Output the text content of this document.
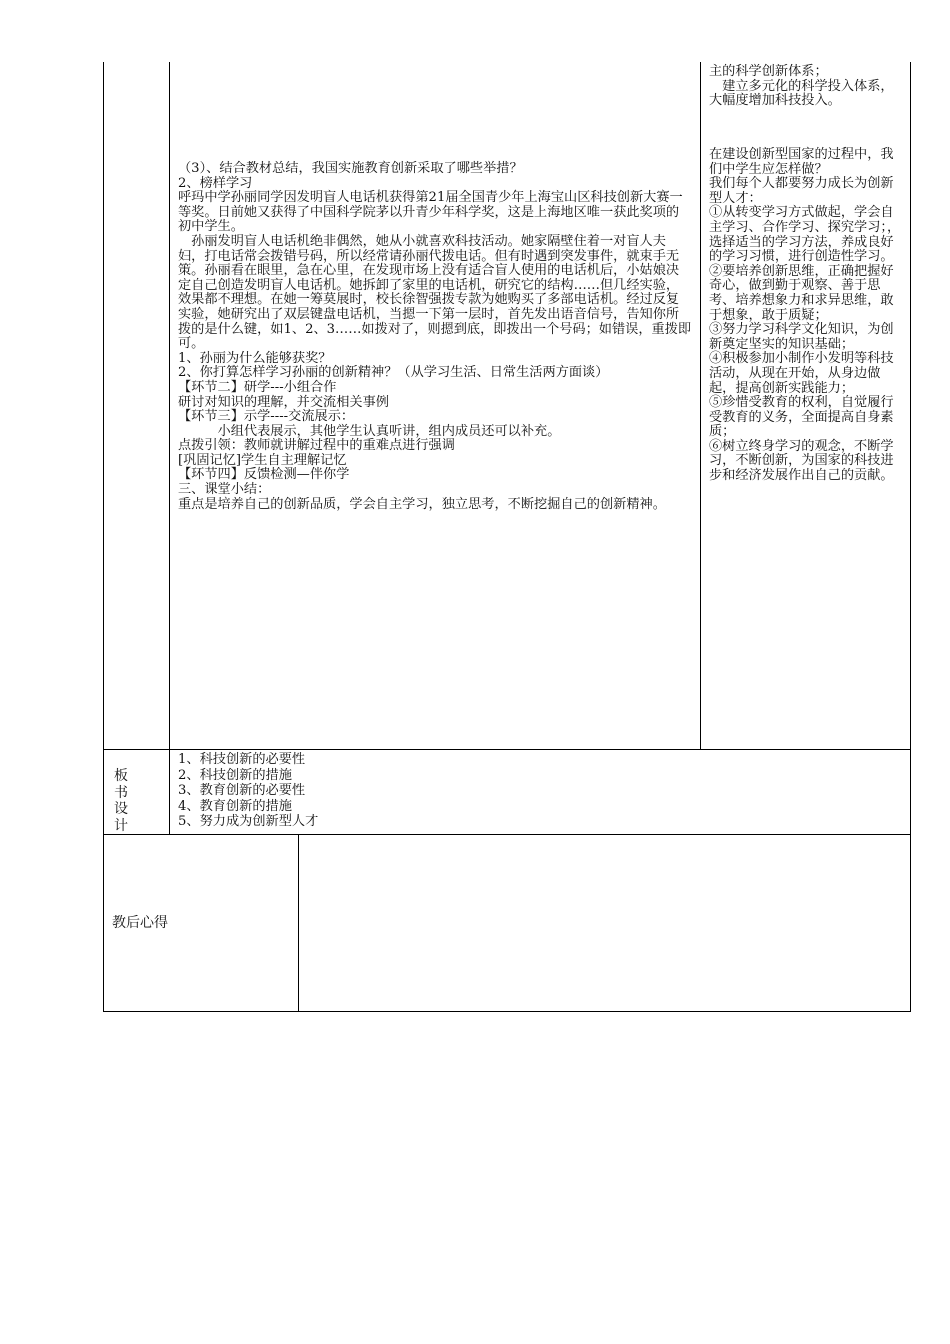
（3）、结合教材总结，我国实施教育创新采取了哪些举措？
2、榜样学习
呼玛中学孙丽同学因发明盲人电话机获得第21届全国青少年上海宝山区科技创新大赛一等奖。日前她又获得了中国科学院茅以升青少年科学奖，这是上海地区唯一获此奖项的初中学生。
　孙丽发明盲人电话机绝非偶然，她从小就喜欢科技活动。她家隔壁住着一对盲人夫妇，打电话常会拨错号码，所以经常请孙丽代拨电话。但有时遇到突发事件，就束手无策。孙丽看在眼里，急在心里，在发现市场上没有适合盲人使用的电话机后，小姑娘决定自己创造发明盲人电话机。她拆卸了家里的电话机，研究它的结构……但几经实验，效果都不理想。在她一筹莫展时，校长徐智强拨专款为她购买了多部电话机。经过反复实验，她研究出了双层键盘电话机，当摁一下第一层时，首先发出语音信号，告知你所拨的是什么键，如1、2、3……如拨对了，则摁到底，即拨出一个号码；如错误，重拨即可。
1、孙丽为什么能够获奖？
2、你打算怎样学习孙丽的创新精神？（从学习生活、日常生活两方面谈）
【环节二】研学---小组合作
研讨对知识的理解，并交流相关事例
【环节三】示学----交流展示：
　　　小组代表展示，其他学生认真听讲，组内成员还可以补充。
点拨引领：教师就讲解过程中的重难点进行强调
[巩固记忆]学生自主理解记忆
【环节四】反馈检测—伴你学
三、课堂小结：
重点是培养自己的创新品质，学会自主学习，独立思考，不断挖掘自己的创新精神。
主的科学创新体系；
　建立多元化的科学投入体系，大幅度增加科技投入。
在建设创新型国家的过程中，我们中学生应怎样做？
我们每个人都要努力成长为创新型人才：
①从转变学习方式做起，学会自主学习、合作学习、探究学习；，选择适当的学习方法，养成良好的学习习惯，进行创造性学习。
②要培养创新思维，正确把握好奇心，做到勤于观察、善于思考、培养想象力和求异思维，敢于想象，敢于质疑；
③努力学习科学文化知识，为创新奠定坚实的知识基础；
④积极参加小制作小发明等科技活动，从现在开始，从身边做起，提高创新实践能力；
⑤珍惜受教育的权利，自觉履行受教育的义务，全面提高自身素质；
⑥树立终身学习的观念，不断学习，不断创新，为国家的科技进步和经济发展作出自己的贡献。
板
书
设
计
1、科技创新的必要性
2、科技创新的措施
3、教育创新的必要性
4、教育创新的措施
5、努力成为创新型人才
教后心得
